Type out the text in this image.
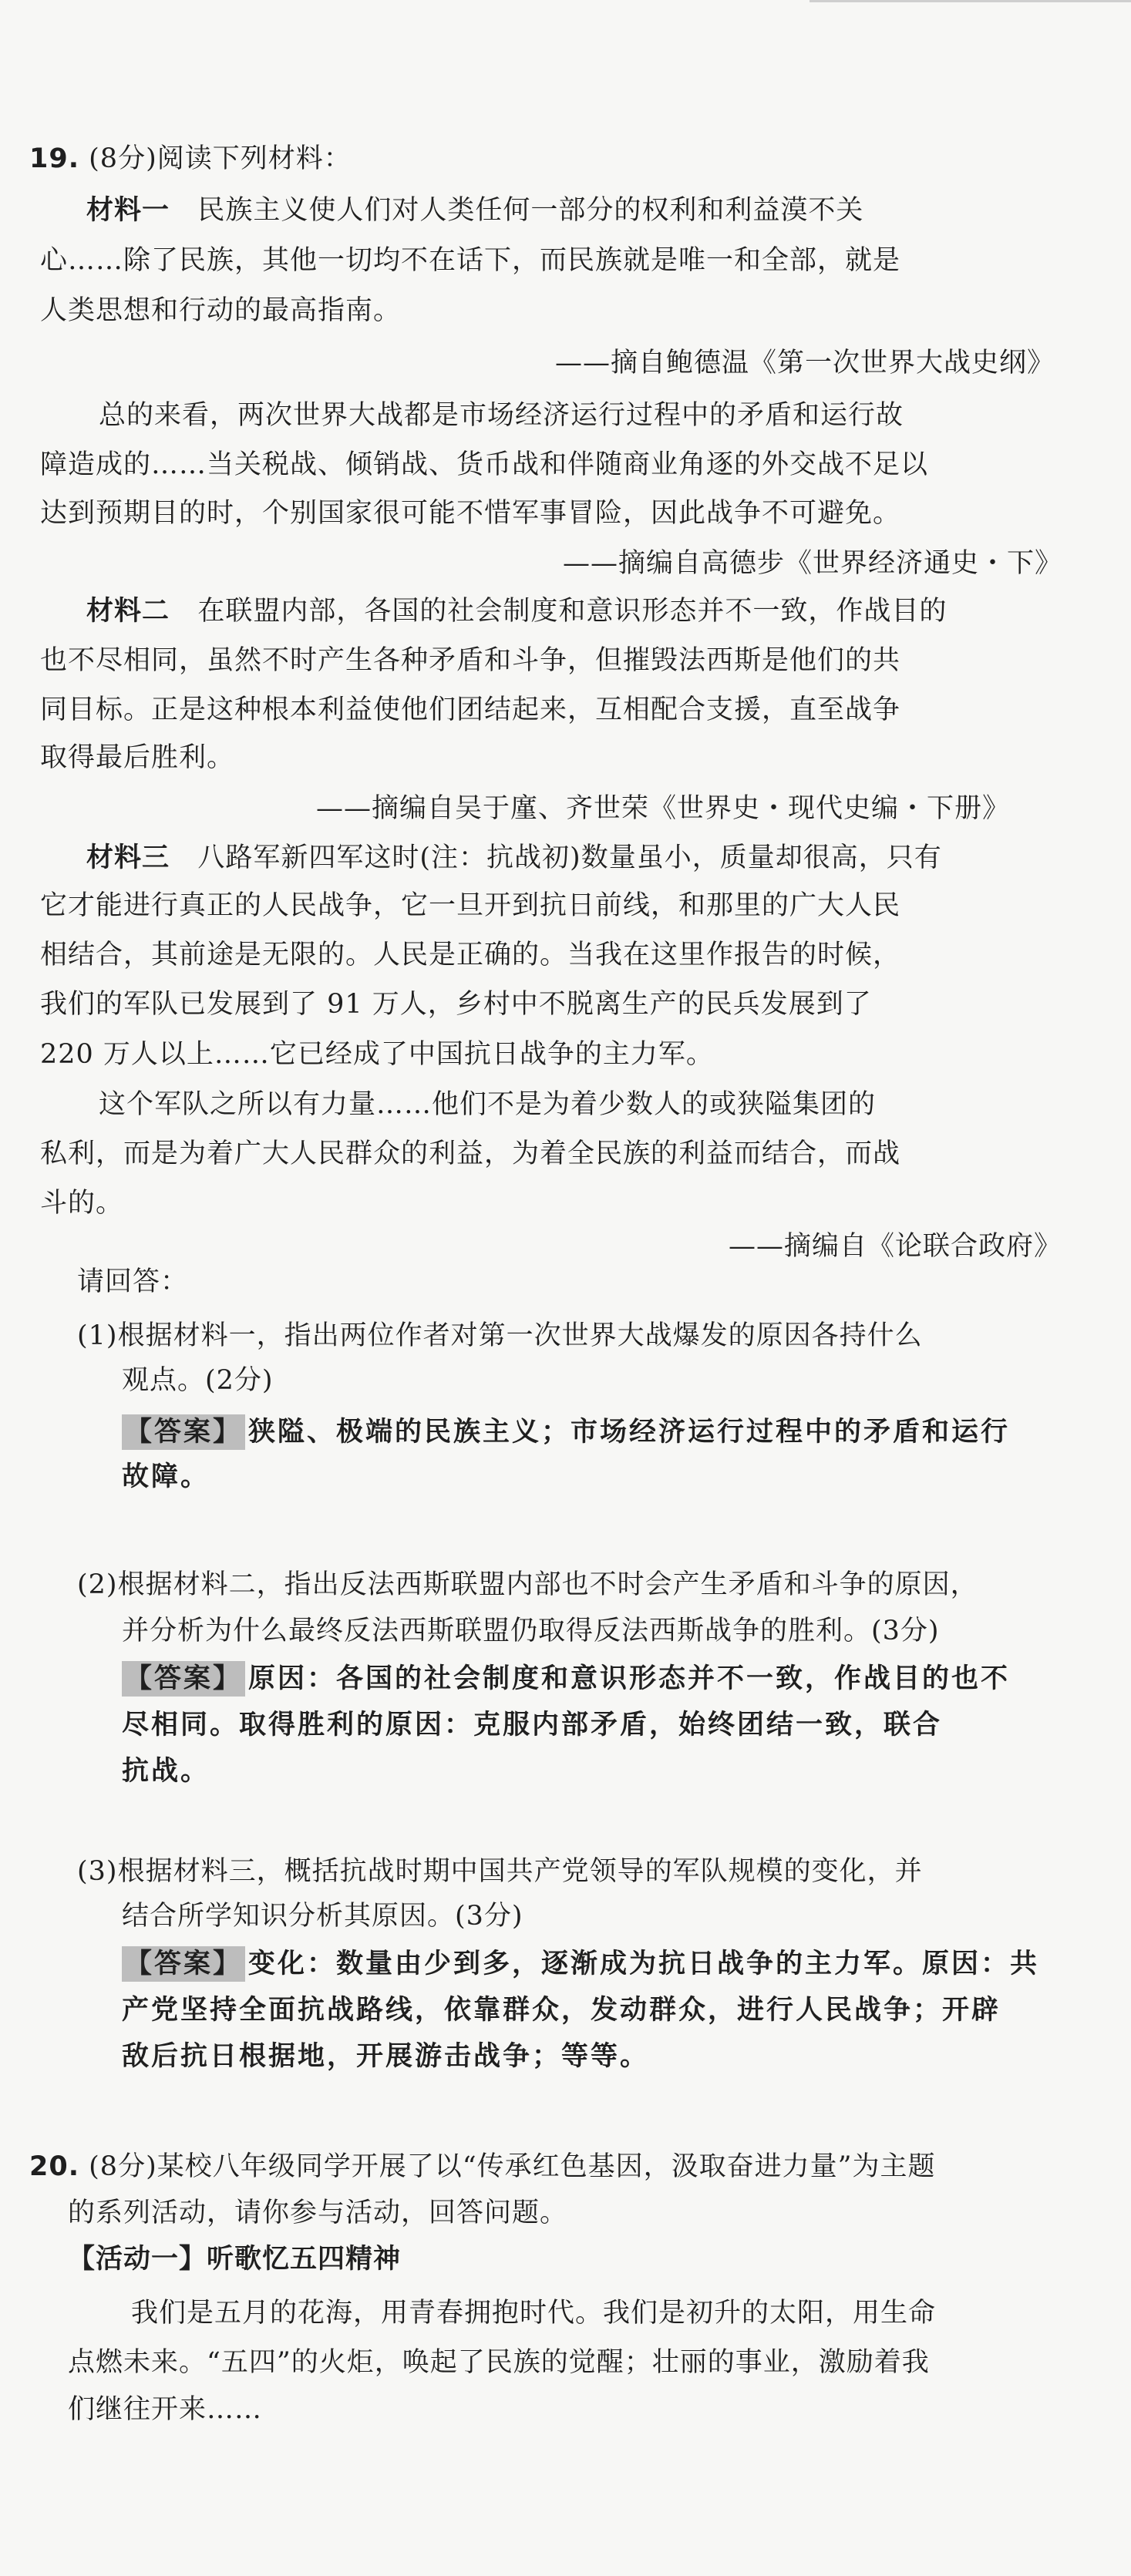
19. (8分)阅读下列材料：
材料一 民族主义使人们对人类任何一部分的权利和利益漠不关
心……除了民族，其他一切均不在话下，而民族就是唯一和全部，就是
人类思想和行动的最高指南。
——摘自鲍德温《第一次世界大战史纲》
总的来看，两次世界大战都是市场经济运行过程中的矛盾和运行故
障造成的……当关税战、倾销战、货币战和伴随商业角逐的外交战不足以
达到预期目的时，个别国家很可能不惜军事冒险，因此战争不可避免。
——摘编自高德步《世界经济通史・下》
材料二 在联盟内部，各国的社会制度和意识形态并不一致，作战目的
也不尽相同，虽然不时产生各种矛盾和斗争，但摧毁法西斯是他们的共
同目标。正是这种根本利益使他们团结起来，互相配合支援，直至战争
取得最后胜利。
——摘编自吴于廑、齐世荣《世界史・现代史编・下册》
材料三 八路军新四军这时(注：抗战初)数量虽小，质量却很高，只有
它才能进行真正的人民战争，它一旦开到抗日前线，和那里的广大人民
相结合，其前途是无限的。人民是正确的。当我在这里作报告的时候，
我们的军队已发展到了 91 万人，乡村中不脱离生产的民兵发展到了
220 万人以上……它已经成了中国抗日战争的主力军。
这个军队之所以有力量……他们不是为着少数人的或狭隘集团的
私利，而是为着广大人民群众的利益，为着全民族的利益而结合，而战
斗的。
——摘编自《论联合政府》
请回答：
(1)根据材料一，指出两位作者对第一次世界大战爆发的原因各持什么
观点。(2分)
【答案】 狭隘、极端的民族主义；市场经济运行过程中的矛盾和运行
故障。
(2)根据材料二，指出反法西斯联盟内部也不时会产生矛盾和斗争的原因，
并分析为什么最终反法西斯联盟仍取得反法西斯战争的胜利。(3分)
【答案】 原因：各国的社会制度和意识形态并不一致，作战目的也不
尽相同。取得胜利的原因：克服内部矛盾，始终团结一致，联合
抗战。
(3)根据材料三，概括抗战时期中国共产党领导的军队规模的变化，并
结合所学知识分析其原因。(3分)
【答案】 变化：数量由少到多，逐渐成为抗日战争的主力军。原因：共
产党坚持全面抗战路线，依靠群众，发动群众，进行人民战争；开辟
敌后抗日根据地，开展游击战争；等等。
20. (8分)某校八年级同学开展了以“传承红色基因，汲取奋进力量”为主题
的系列活动，请你参与活动，回答问题。
【活动一】听歌忆五四精神
我们是五月的花海，用青春拥抱时代。我们是初升的太阳，用生命
点燃未来。“五四”的火炬，唤起了民族的觉醒；壮丽的事业，激励着我
们继往开来……
